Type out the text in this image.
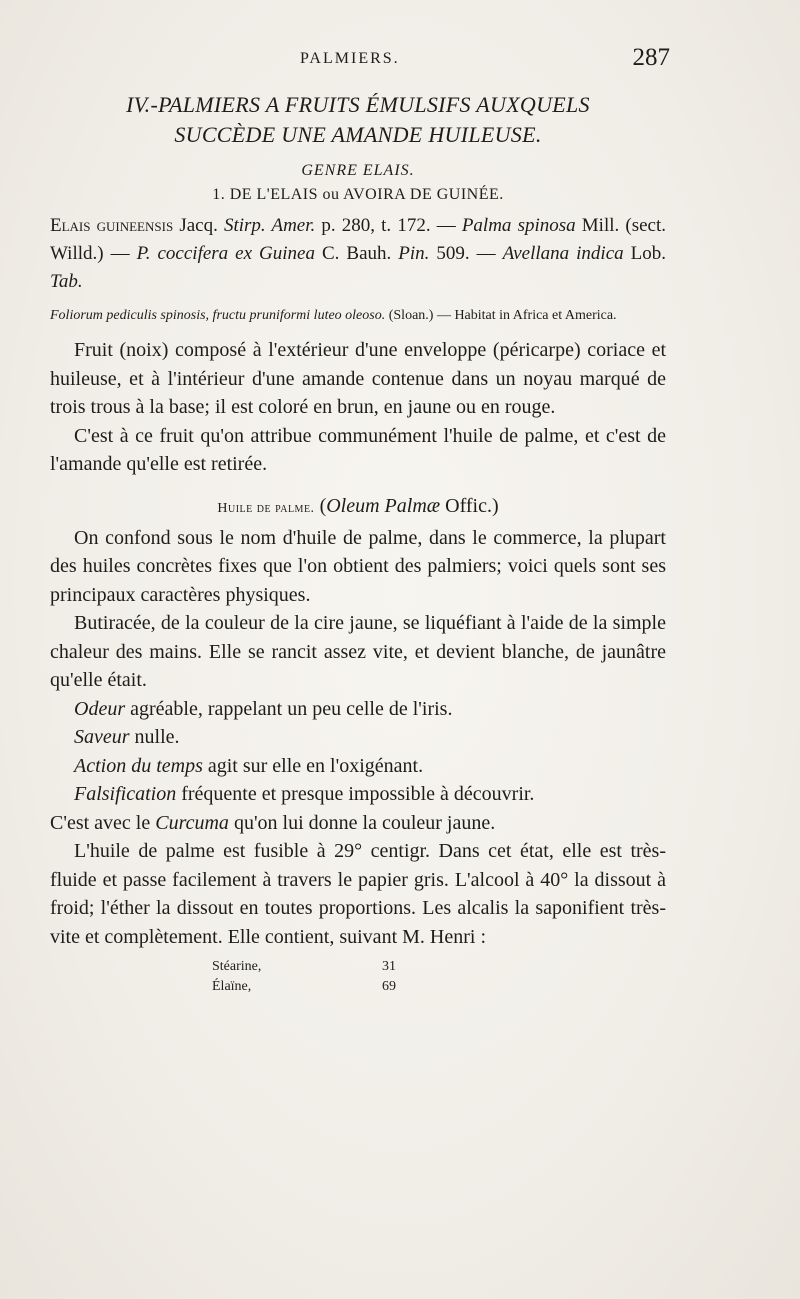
PALMIERS.	287

IV.-PALMIERS A FRUITS ÉMULSIFS AUXQUELS
SUCCÈDE UNE AMANDE HUILEUSE.

GENRE ELAIS.

1. DE L'ELAIS ou AVOIRA DE GUINÉE.

Elais guineensis Jacq. Stirp. Amer. p. 280, t. 172. — Palma spinosa Mill. (sect. Willd.) — P. coccifera ex Guinea C. Bauh. Pin. 509. — Avellana indica Lob. Tab.

Foliorum pediculis spinosis, fructu pruniformi luteo oleoso. (Sloan.) — Habitat in Africa et America.

Fruit (noix) composé à l'extérieur d'une enveloppe (péricarpe) coriace et huileuse, et à l'intérieur d'une amande contenue dans un noyau marqué de trois trous à la base; il est coloré en brun, en jaune ou en rouge.

C'est à ce fruit qu'on attribue communément l'huile de palme, et c'est de l'amande qu'elle est retirée.

Huile de palme. (Oleum Palmæ Offic.)

On confond sous le nom d'huile de palme, dans le commerce, la plupart des huiles concrètes fixes que l'on obtient des palmiers; voici quels sont ses principaux caractères physiques.

Butiracée, de la couleur de la cire jaune, se liquéfiant à l'aide de la simple chaleur des mains. Elle se rancit assez vite, et devient blanche, de jaunâtre qu'elle était.

Odeur agréable, rappelant un peu celle de l'iris.

Saveur nulle.

Action du temps agit sur elle en l'oxigénant.

Falsification fréquente et presque impossible à découvrir.

C'est avec le Curcuma qu'on lui donne la couleur jaune.

L'huile de palme est fusible à 29° centigr. Dans cet état, elle est très-fluide et passe facilement à travers le papier gris. L'alcool à 40° la dissout à froid; l'éther la dissout en toutes proportions. Les alcalis la saponifient très-vite et complètement. Elle contient, suivant M. Henri :

Stéarine,	31
Élaïne,	69
